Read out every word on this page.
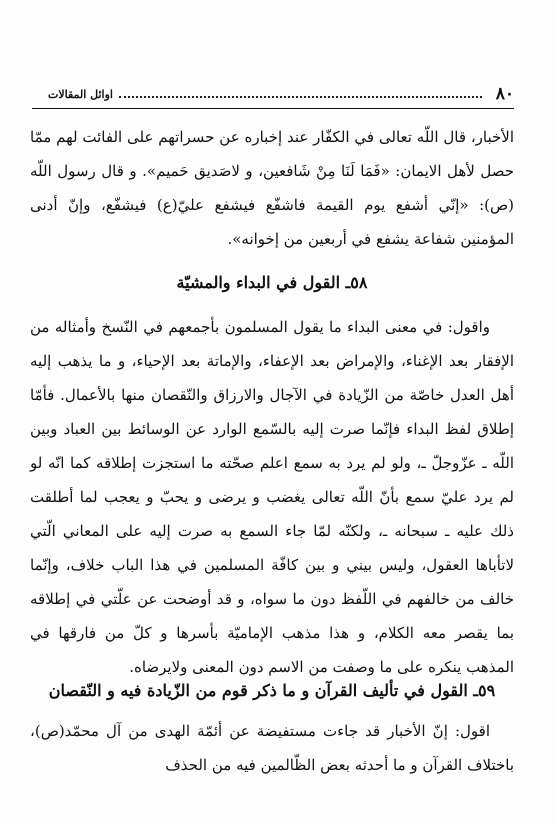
٨٠
اوائل المقالات
الأخبار، قال اللّه تعالى في الكفّار عند إخباره عن حسراتهم على الفائت لهم ممّا حصل لأهل الايمان: «فَمَا لَنَا مِنْ شَافعين، و لاصَديق حَميم». و قال رسول اللّه (ص): «إنّي أشفع يوم القيمة فاشفّع فيشفع عليّ(ع) فيشفّع، وإنّ أدنى المؤمنين شفاعة يشفع في أربعين من إخوانه».
٥٨ـ القول في البداء والمشيّة
واقول: في معنى البداء ما يقول المسلمون بأجمعهم في النّسخ وأمثاله من الإفقار بعد الإغناء، والإمراض بعد الإعفاء، والإماتة بعد الإحياء، و ما يذهب إليه أهل العدل خاصّة من الزّيادة في الآجال والارزاق والنّقصان منها بالأعمال. فأمّا إطلاق لفظ البداء فإنّما صرت إليه بالسّمع الوارد عن الوسائط بين العباد وبين اللّه ـ عزّوجلّ ـ، ولو لم يرد به سمع اعلم صحّته ما استجزت إطلاقه كما انّه لو لم يرد عليّ سمع بأنّ اللّه تعالى يغضب و يرضى و يحبّ و يعجب لما أطلقت ذلك عليه ـ سبحانه ـ، ولكنّه لمّا جاء السمع به صرت إليه على المعاني الّتي لاتأباها العقول، وليس بيني و بين كافّة المسلمين في هذا الباب خلاف، وإنّما خالف من خالفهم في اللّفظ دون ما سواه، و قد أوضحت عن علّتي في إطلاقه بما يقصر معه الكلام، و هذا مذهب الإماميّة بأسرها و كلّ من فارقها في المذهب ينكره على ما وصفت من الاسم دون المعنى ولايرضاه.
٥٩ـ القول في تأليف القرآن و ما ذكر قوم من الزّيادة فيه و النّقصان
اقول: إنّ الأخبار قد جاءت مستفيضة عن أئمّة الهدى من آل محمّد(ص)، باختلاف القرآن و ما أحدثه بعض الظّالمين فيه من الحذف
